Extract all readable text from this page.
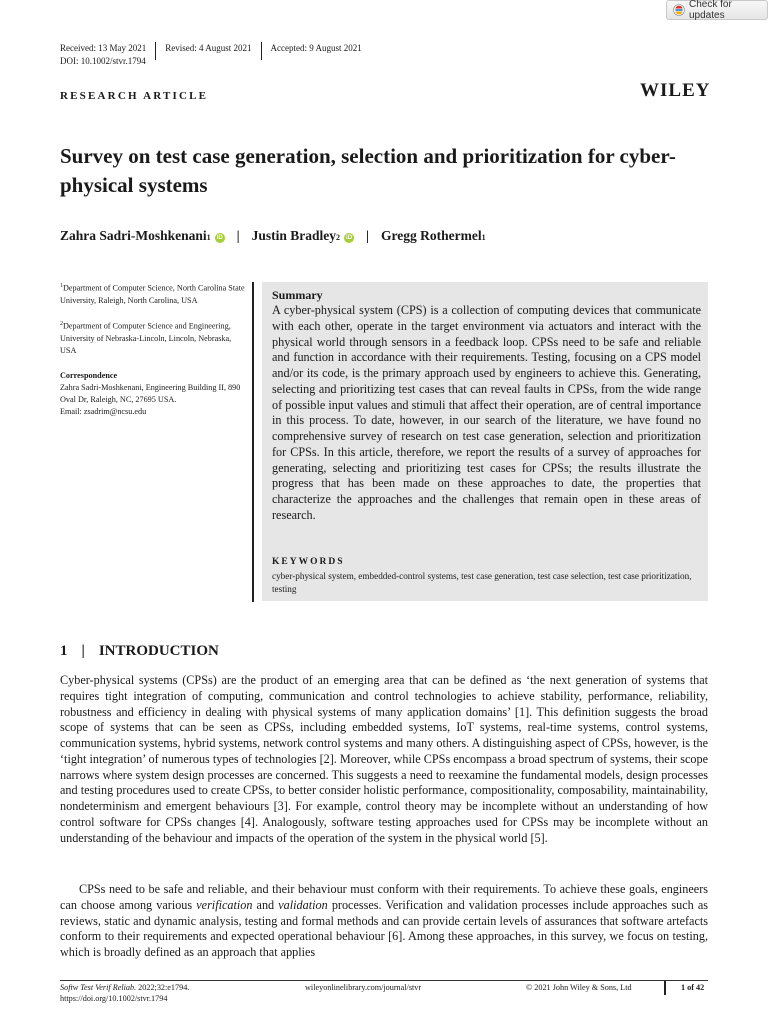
Check for updates
Received: 13 May 2021 Revised: 4 August 2021 Accepted: 9 August 2021
DOI: 10.1002/stvr.1794
RESEARCH ARTICLE	WILEY
Survey on test case generation, selection and prioritization for cyber-physical systems
Zahra Sadri-Moshkenani 1	iD | Justin Bradley 2	iD | Gregg Rothermel 1
$^1$Department of Computer Science, North Carolina State University, Raleigh, North Carolina, USA
$^2$Department of Computer Science and Engineering, University of Nebraska-Lincoln, Lincoln, Nebraska, USA
Correspondence
Zahra Sadri-Moshkenani, Engineering Building II, 890 Oval Dr, Raleigh, NC, 27695 USA.
Email: zsadrim@ncsu.edu
Summary
A cyber-physical system (CPS) is a collection of computing devices that communicate with each other, operate in the target environment via actuators and interact with the physical world through sensors in a feedback loop. CPSs need to be safe and reliable and function in accordance with their requirements. Testing, focusing on a CPS model and/or its code, is the primary approach used by engineers to achieve this. Generating, selecting and prioritizing test cases that can reveal faults in CPSs, from the wide range of possible input values and stimuli that affect their operation, are of central importance in this process. To date, however, in our search of the literature, we have found no comprehensive survey of research on test case generation, selection and prioritization for CPSs. In this article, therefore, we report the results of a survey of approaches for generating, selecting and prioritizing test cases for CPSs; the results illustrate the progress that has been made on these approaches to date, the properties that characterize the approaches and the challenges that remain open in these areas of research.
KEYWORDS
cyber-physical system, embedded-control systems, test case generation, test case selection, test case prioritization, testing
1 | INTRODUCTION
Cyber-physical systems (CPSs) are the product of an emerging area that can be defined as ‘the next generation of systems that requires tight integration of computing, communication and control technologies to achieve stability, performance, reliability, robustness and efficiency in dealing with physical systems of many application domains’ [1]. This definition suggests the broad scope of systems that can be seen as CPSs, including embedded systems, IoT systems, real-time systems, control systems, communication systems, hybrid systems, network control systems and many others. A distinguishing aspect of CPSs, however, is the ‘tight integration’ of numerous types of technologies [2]. Moreover, while CPSs encompass a broad spectrum of systems, their scope narrows where system design processes are concerned. This suggests a need to reexamine the fundamental models, design processes and testing procedures used to create CPSs, to better consider holistic performance, compositionality, composability, maintainability, nondeterminism and emergent behaviours [3]. For example, control theory may be incomplete without an understanding of how control software for CPSs changes [4]. Analogously, software testing approaches used for CPSs may be incomplete without an understanding of the behaviour and impacts of the operation of the system in the physical world [5].
CPSs need to be safe and reliable, and their behaviour must conform with their requirements. To achieve these goals, engineers can choose among various verification and validation processes. Verification and validation processes include approaches such as reviews, static and dynamic analysis, testing and formal methods and can provide certain levels of assurances that software artefacts conform to their requirements and expected operational behaviour [6]. Among these approaches, in this survey, we focus on testing, which is broadly defined as an approach that applies
Softw Test Verif Reliab. 2022;32:e1794.
https://doi.org/10.1002/stvr.1794
wileyonlinelibrary.com/journal/stvr	© 2021 John Wiley & Sons, Ltd	1 of 42
